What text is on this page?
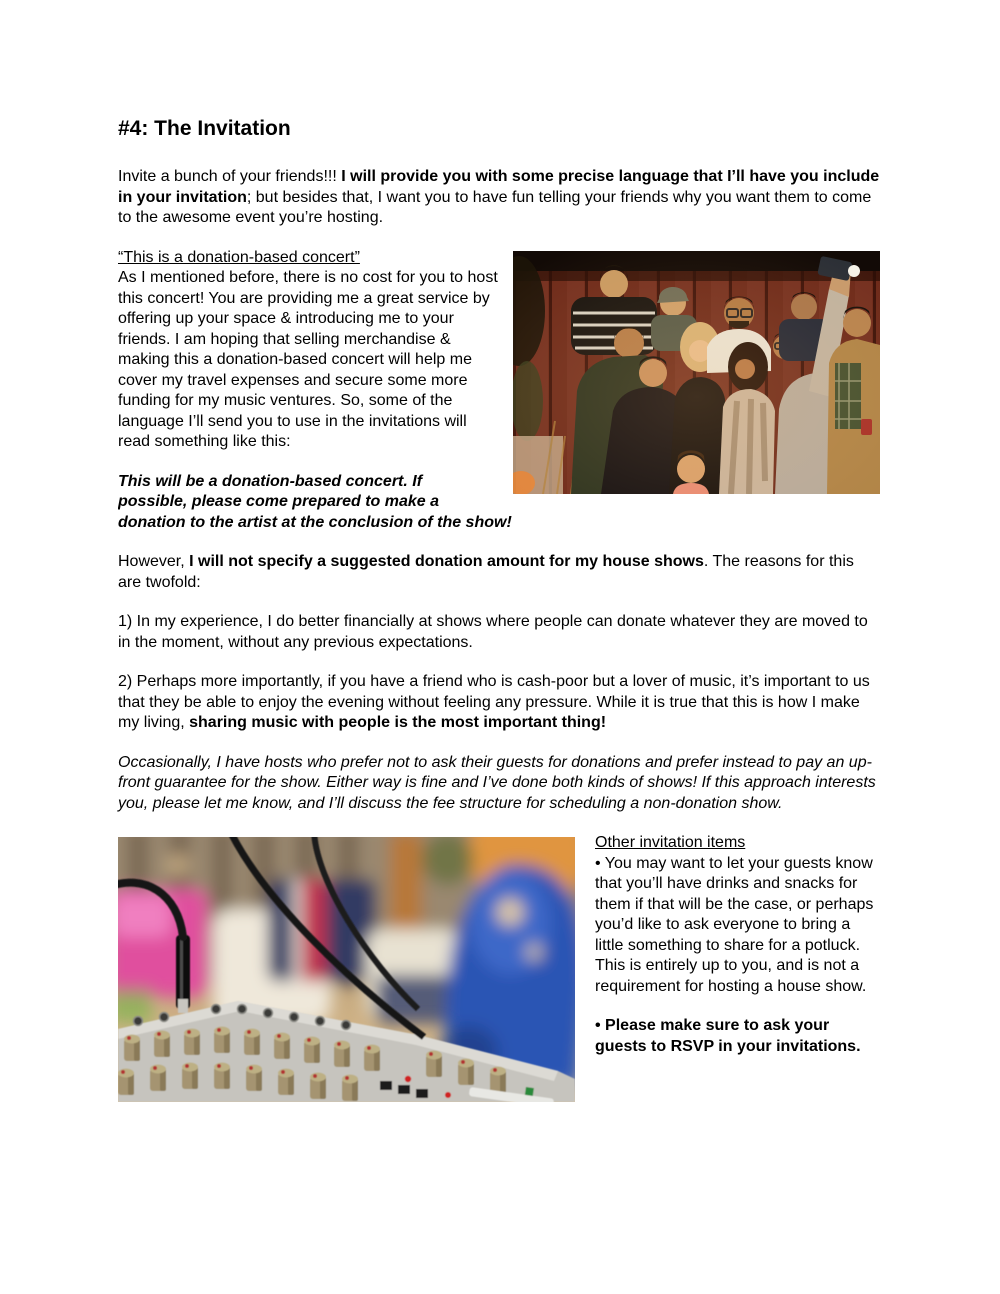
#4: The Invitation

Invite a bunch of your friends!!! I will provide you with some precise language that I’ll have you include in your invitation; but besides that, I want you to have fun telling your friends why you want them to come to the awesome event you’re hosting.

“This is a donation-based concert”

As I mentioned before, there is no cost for you to host this concert! You are providing me a great service by offering up your space & introducing me to your friends. I am hoping that selling merchandise & making this a donation-based concert will help me cover my travel expenses and secure some more funding for my music ventures. So, some of the language I’ll send you to use in the invitations will read something like this:

This will be a donation-based concert. If
possible, please come prepared to make a
donation to the artist at the conclusion of the show!

However, I will not specify a suggested donation amount for my house shows. The reasons for this are twofold:

1) In my experience, I do better financially at shows where people can donate whatever they are moved to in the moment, without any previous expectations.

2) Perhaps more importantly, if you have a friend who is cash-poor but a lover of music, it’s important to us that they be able to enjoy the evening without feeling any pressure. While it is true that this is how I make my living, sharing music with people is the most important thing!

Occasionally, I have hosts who prefer not to ask their guests for donations and prefer instead to pay an up-front guarantee for the show. Either way is fine and I’ve done both kinds of shows! If this approach interests you, please let me know, and I’ll discuss the fee structure for scheduling a non-donation show.

Other invitation items

• You may want to let your guests know that you’ll have drinks and snacks for them if that will be the case, or perhaps you’d like to ask everyone to bring a little something to share for a potluck. This is entirely up to you, and is not a requirement for hosting a house show.

• Please make sure to ask your guests to RSVP in your invitations.
